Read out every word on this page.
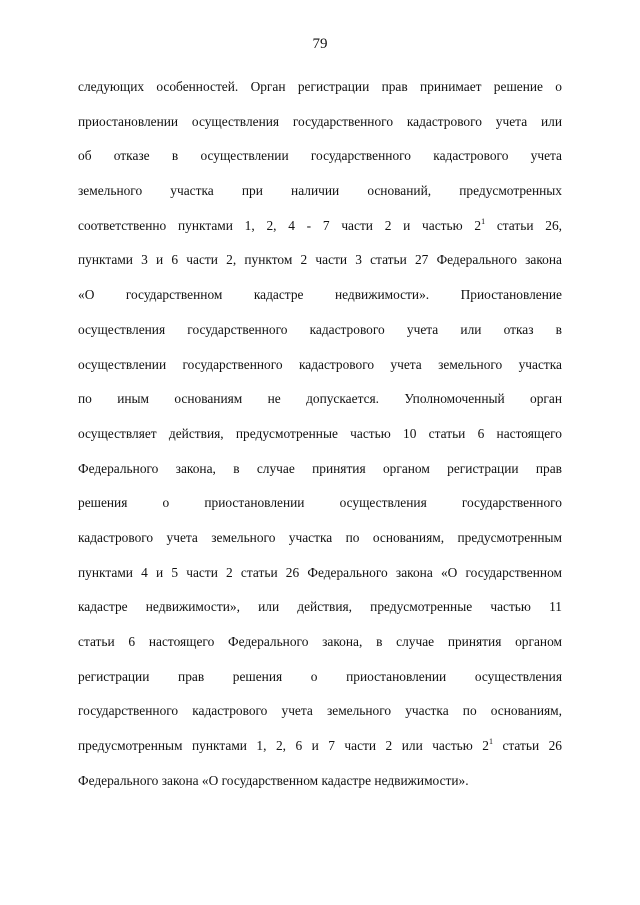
79
следующих особенностей. Орган регистрации прав принимает решение о
приостановлении осуществления государственного кадастрового учета или
об отказе в осуществлении государственного кадастрового учета
земельного участка при наличии оснований, предусмотренных
соответственно пунктами 1, 2, 4 - 7 части 2 и частью $2^1$ статьи 26,
пунктами 3 и 6 части 2, пунктом 2 части 3 статьи 27 Федерального закона
«О государственном кадастре недвижимости». Приостановление
осуществления государственного кадастрового учета или отказ в
осуществлении государственного кадастрового учета земельного участка
по иным основаниям не допускается. Уполномоченный орган
осуществляет действия, предусмотренные частью 10 статьи 6 настоящего
Федерального закона, в случае принятия органом регистрации прав
решения о приостановлении осуществления государственного
кадастрового учета земельного участка по основаниям, предусмотренным
пунктами 4 и 5 части 2 статьи 26 Федерального закона «О государственном
кадастре недвижимости», или действия, предусмотренные частью 11
статьи 6 настоящего Федерального закона, в случае принятия органом
регистрации прав решения о приостановлении осуществления
государственного кадастрового учета земельного участка по основаниям,
предусмотренным пунктами 1, 2, 6 и 7 части 2 или частью $2^1$ статьи 26
Федерального закона «О государственном кадастре недвижимости».
